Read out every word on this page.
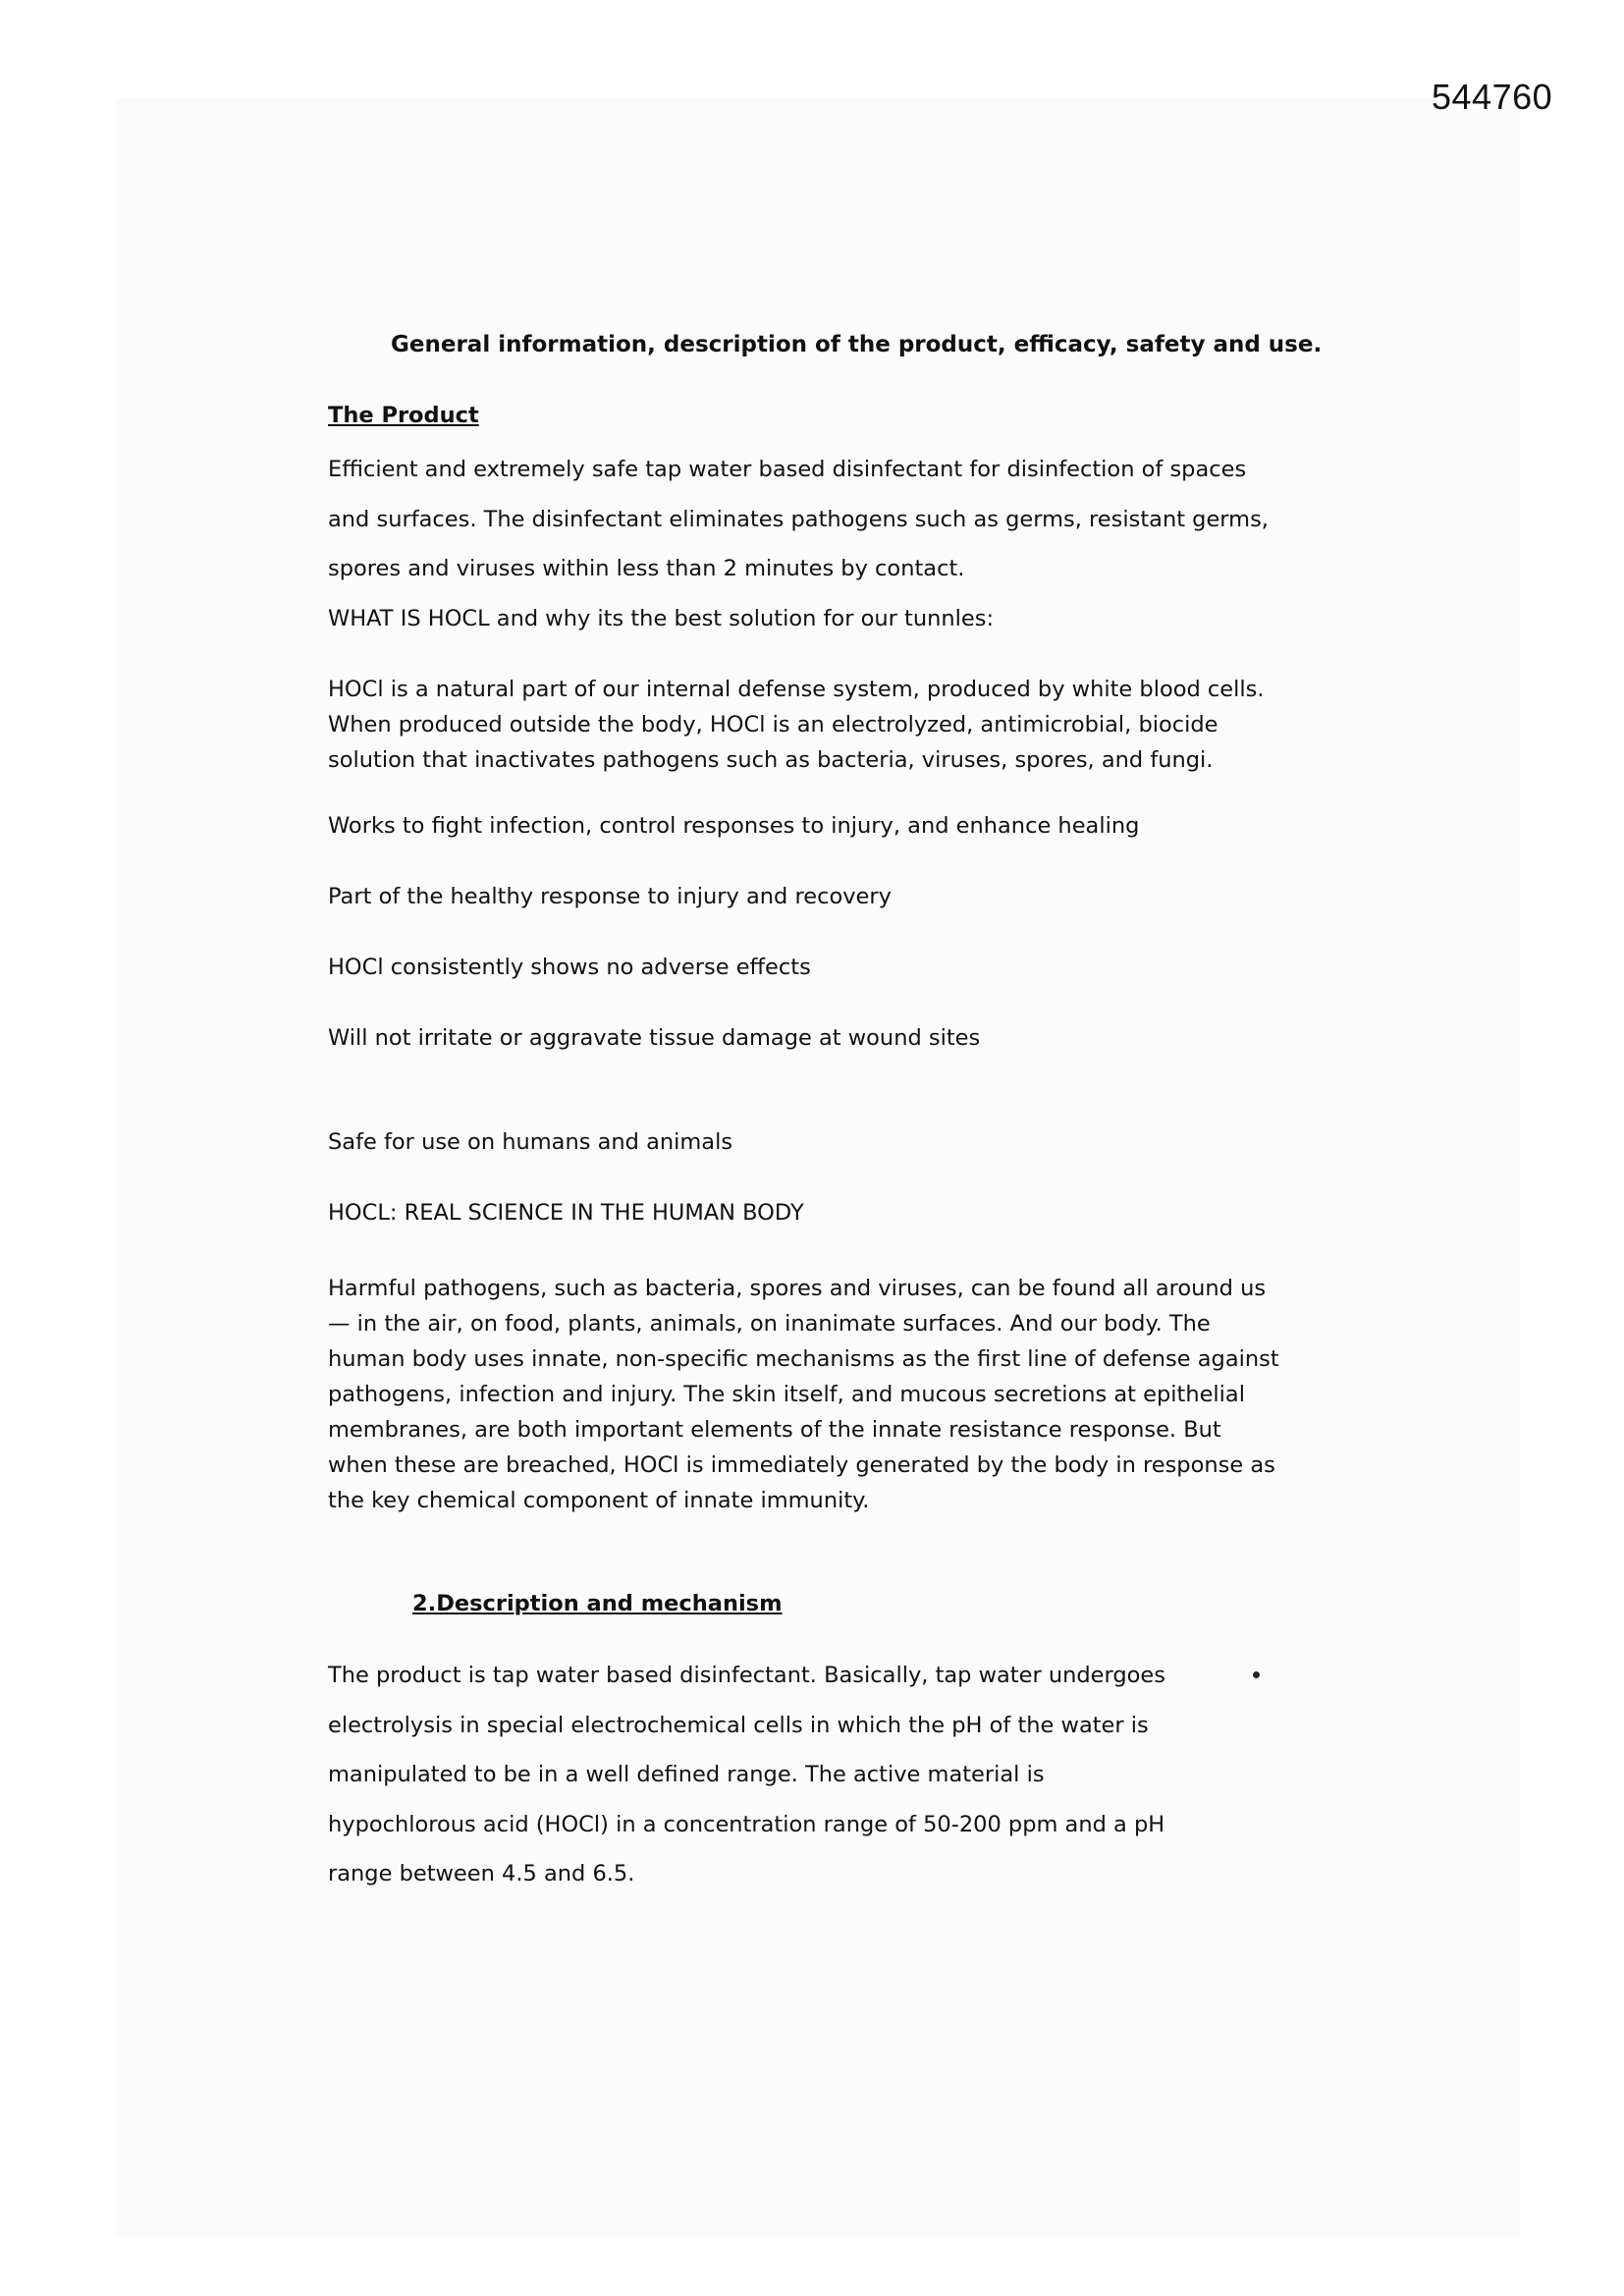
544760
General information, description of the product, efficacy, safety and use.
The Product
Efficient and extremely safe tap water based disinfectant for disinfection of spaces
and surfaces. The disinfectant eliminates pathogens such as germs, resistant germs,
spores and viruses within less than 2 minutes by contact.
WHAT IS HOCL and why its the best solution for our tunnles:
HOCl is a natural part of our internal defense system, produced by white blood cells.
When produced outside the body, HOCl is an electrolyzed, antimicrobial, biocide
solution that inactivates pathogens such as bacteria, viruses, spores, and fungi.
Works to fight infection, control responses to injury, and enhance healing
Part of the healthy response to injury and recovery
HOCl consistently shows no adverse effects
Will not irritate or aggravate tissue damage at wound sites
Safe for use on humans and animals
HOCL: REAL SCIENCE IN THE HUMAN BODY
Harmful pathogens, such as bacteria, spores and viruses, can be found all around us
— in the air, on food, plants, animals, on inanimate surfaces. And our body. The
human body uses innate, non-specific mechanisms as the first line of defense against
pathogens, infection and injury. The skin itself, and mucous secretions at epithelial
membranes, are both important elements of the innate resistance response. But
when these are breached, HOCl is immediately generated by the body in response as
the key chemical component of innate immunity.
2.Description and mechanism
The product is tap water based disinfectant. Basically, tap water undergoes
electrolysis in special electrochemical cells in which the pH of the water is
manipulated to be in a well defined range. The active material is
hypochlorous acid (HOCl) in a concentration range of 50-200 ppm and a pH
range between 4.5 and 6.5.
